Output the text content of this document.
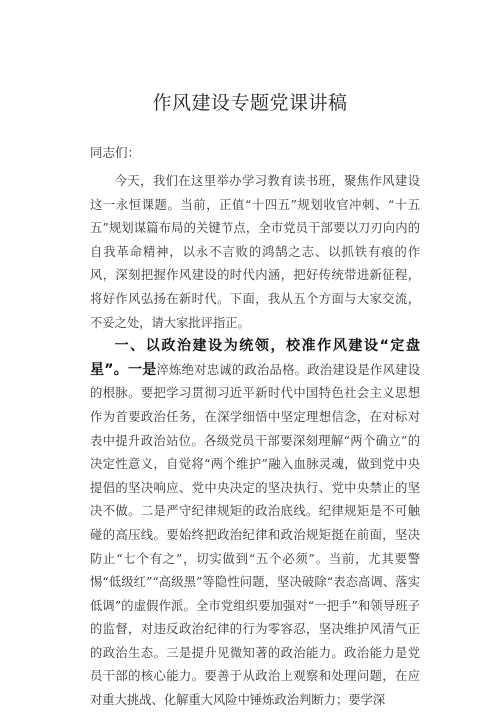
作风建设专题党课讲稿
同志们：

今天，我们在这里举办学习教育读书班，聚焦作风建设这一永恒课题。当前，正值“十四五”规划收官冲刺、“十五五”规划谋篇布局的关键节点，全市党员干部要以刀刃向内的自我革命精神，以永不言败的鸿鹄之志、以抓铁有痕的作风，深刻把握作风建设的时代内涵，把好传统带进新征程，将好作风弘扬在新时代。下面，我从五个方面与大家交流，不妥之处，请大家批评指正。

一、以政治建设为统领，校准作风建设“定盘星”。一是淬炼绝对忠诚的政治品格。政治建设是作风建设的根脉。要把学习贯彻习近平新时代中国特色社会主义思想作为首要政治任务，在深学细悟中坚定理想信念，在对标对表中提升政治站位。各级党员干部要深刻理解“两个确立”的决定性意义，自觉将“两个维护”融入血脉灵魂，做到党中央提倡的坚决响应、党中央决定的坚决执行、党中央禁止的坚决不做。二是严守纪律规矩的政治底线。纪律规矩是不可触碰的高压线。要始终把政治纪律和政治规矩挺在前面，坚决防止“七个有之”，切实做到“五个必须”。当前，尤其要警惕“低级红”“高级黑”等隐性问题，坚决破除“表态高调、落实低调”的虚假作派。全市党组织要加强对“一把手”和领导班子的监督，对违反政治纪律的行为零容忍，坚决维护风清气正的政治生态。三是提升见微知著的政治能力。政治能力是党员干部的核心能力。要善于从政治上观察和处理问题，在应对重大挑战、化解重大风险中锤炼政治判断力；要学深
